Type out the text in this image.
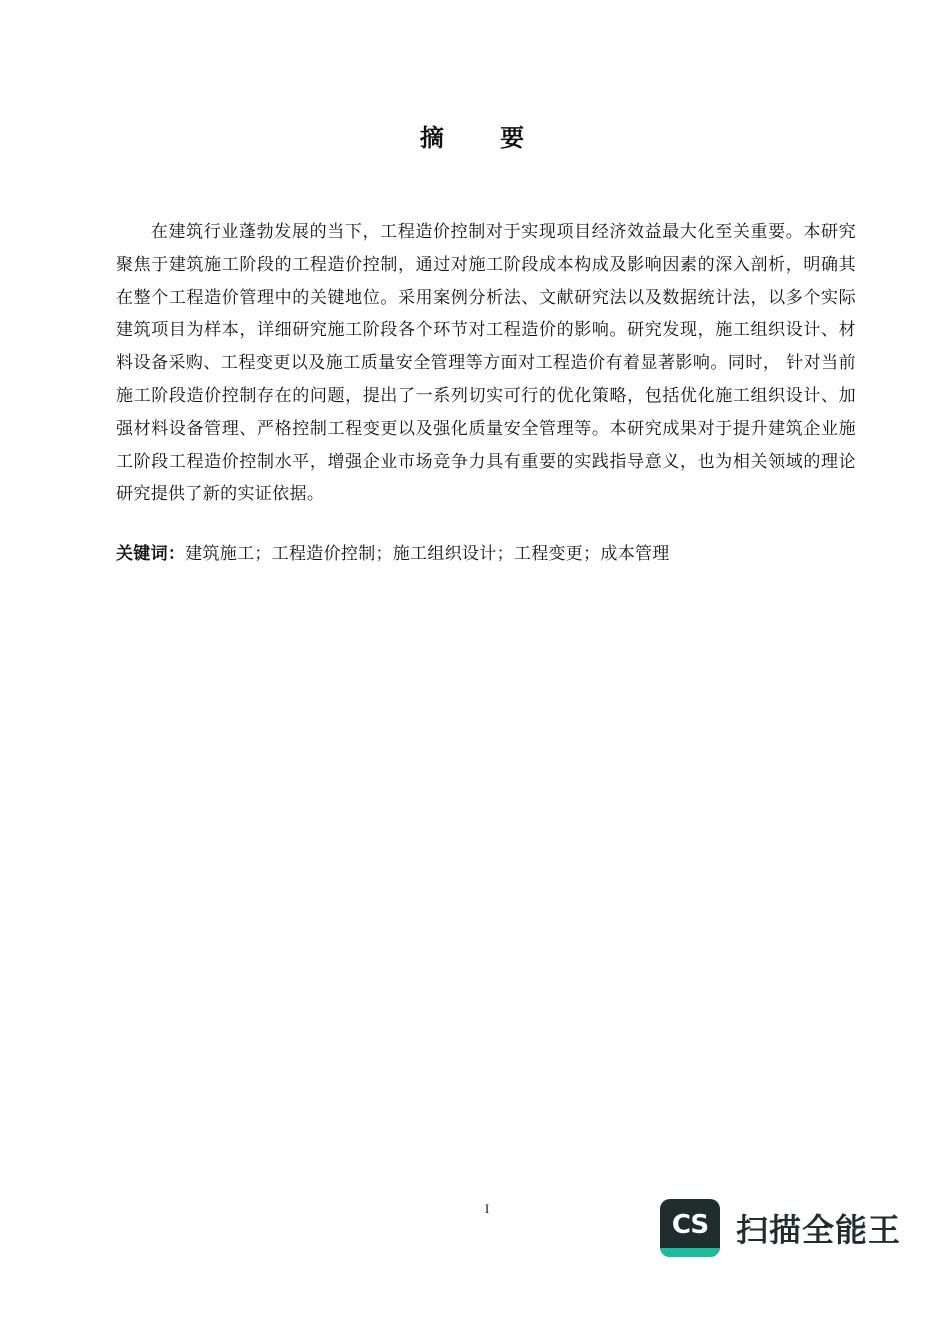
摘 要

在建筑行业蓬勃发展的当下，工程造价控制对于实现项目经济效益最大化至关重要。本研究聚焦于建筑施工阶段的工程造价控制，通过对施工阶段成本构成及影响因素的深入剖析，明确其在整个工程造价管理中的关键地位。采用案例分析法、文献研究法以及数据统计法，以多个实际建筑项目为样本，详细研究施工阶段各个环节对工程造价的影响。研究发现，施工组织设计、材料设备采购、工程变更以及施工质量安全管理等方面对工程造价有着显著影响。同时， 针对当前施工阶段造价控制存在的问题，提出了一系列切实可行的优化策略，包括优化施工组织设计、加强材料设备管理、严格控制工程变更以及强化质量安全管理等。本研究成果对于提升建筑企业施工阶段工程造价控制水平，增强企业市场竞争力具有重要的实践指导意义，也为相关领域的理论研究提供了新的实证依据。

关键词：建筑施工；工程造价控制；施工组织设计；工程变更；成本管理

I
CS 扫描全能王
